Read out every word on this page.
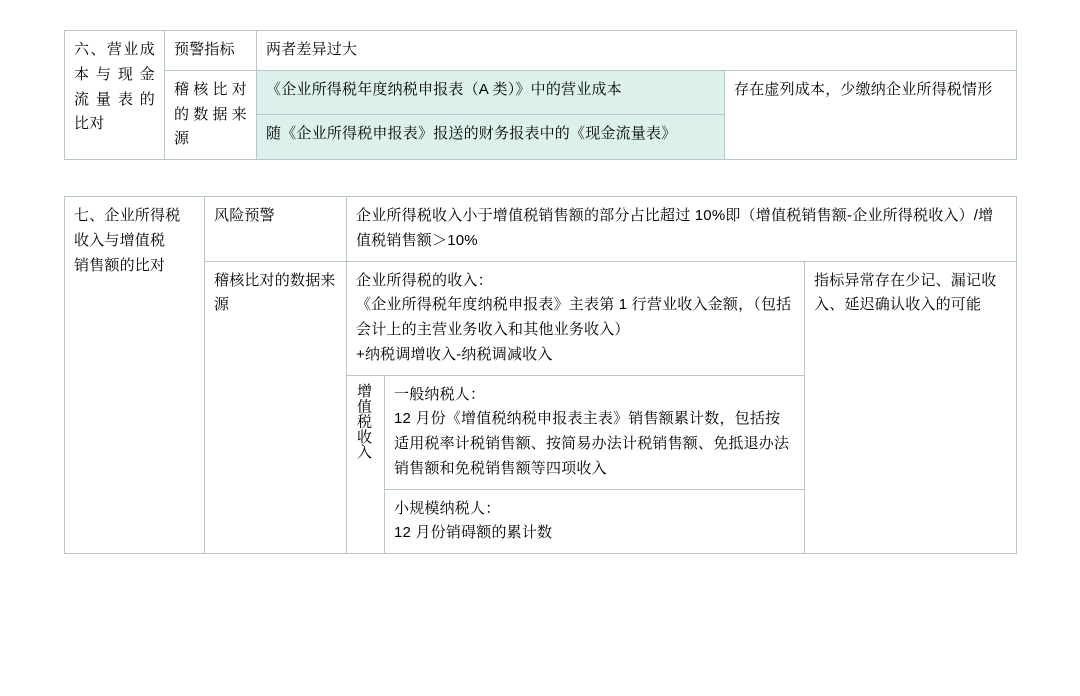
六、营业成
本与现金
流量表的
比对	预警指标	两者差异过大	

	稽核比对
的数据来
源	《企业所得税年度纳税申报表（A 类）》中的营业成本	存在虚列成本，少缴纳企业所得税情形
		随《企业所得税申报表》报送的财务报表中的《现金流量表》	
七、企业所得税
收入与增值税
销售额的比对	风险预警	企业所得税收入小于增值税销售额的部分占比超过 10%即（增值税销售额-企业所得税收入）/增值税销售额＞10%		
	稽核比对的数据来源	企业所得税的收入：
《企业所得税年度纳税申报表》主表第 1 行营业收入金额，（包括会计上的主营业务收入和其他业务收入）
+纳税调增收入-纳税调减收入		指标异常存在少记、漏记收入、延迟确认收入的可能
		增值税收入	一般纳税人：
12 月份《增值税纳税申报表主表》销售额累计数，包括按适用税率计税销售额、按简易办法计税销售额、免抵退办法销售额和免税销售额等四项收入	

			小规模纳税人：
12 月份销碍额的累计数	
